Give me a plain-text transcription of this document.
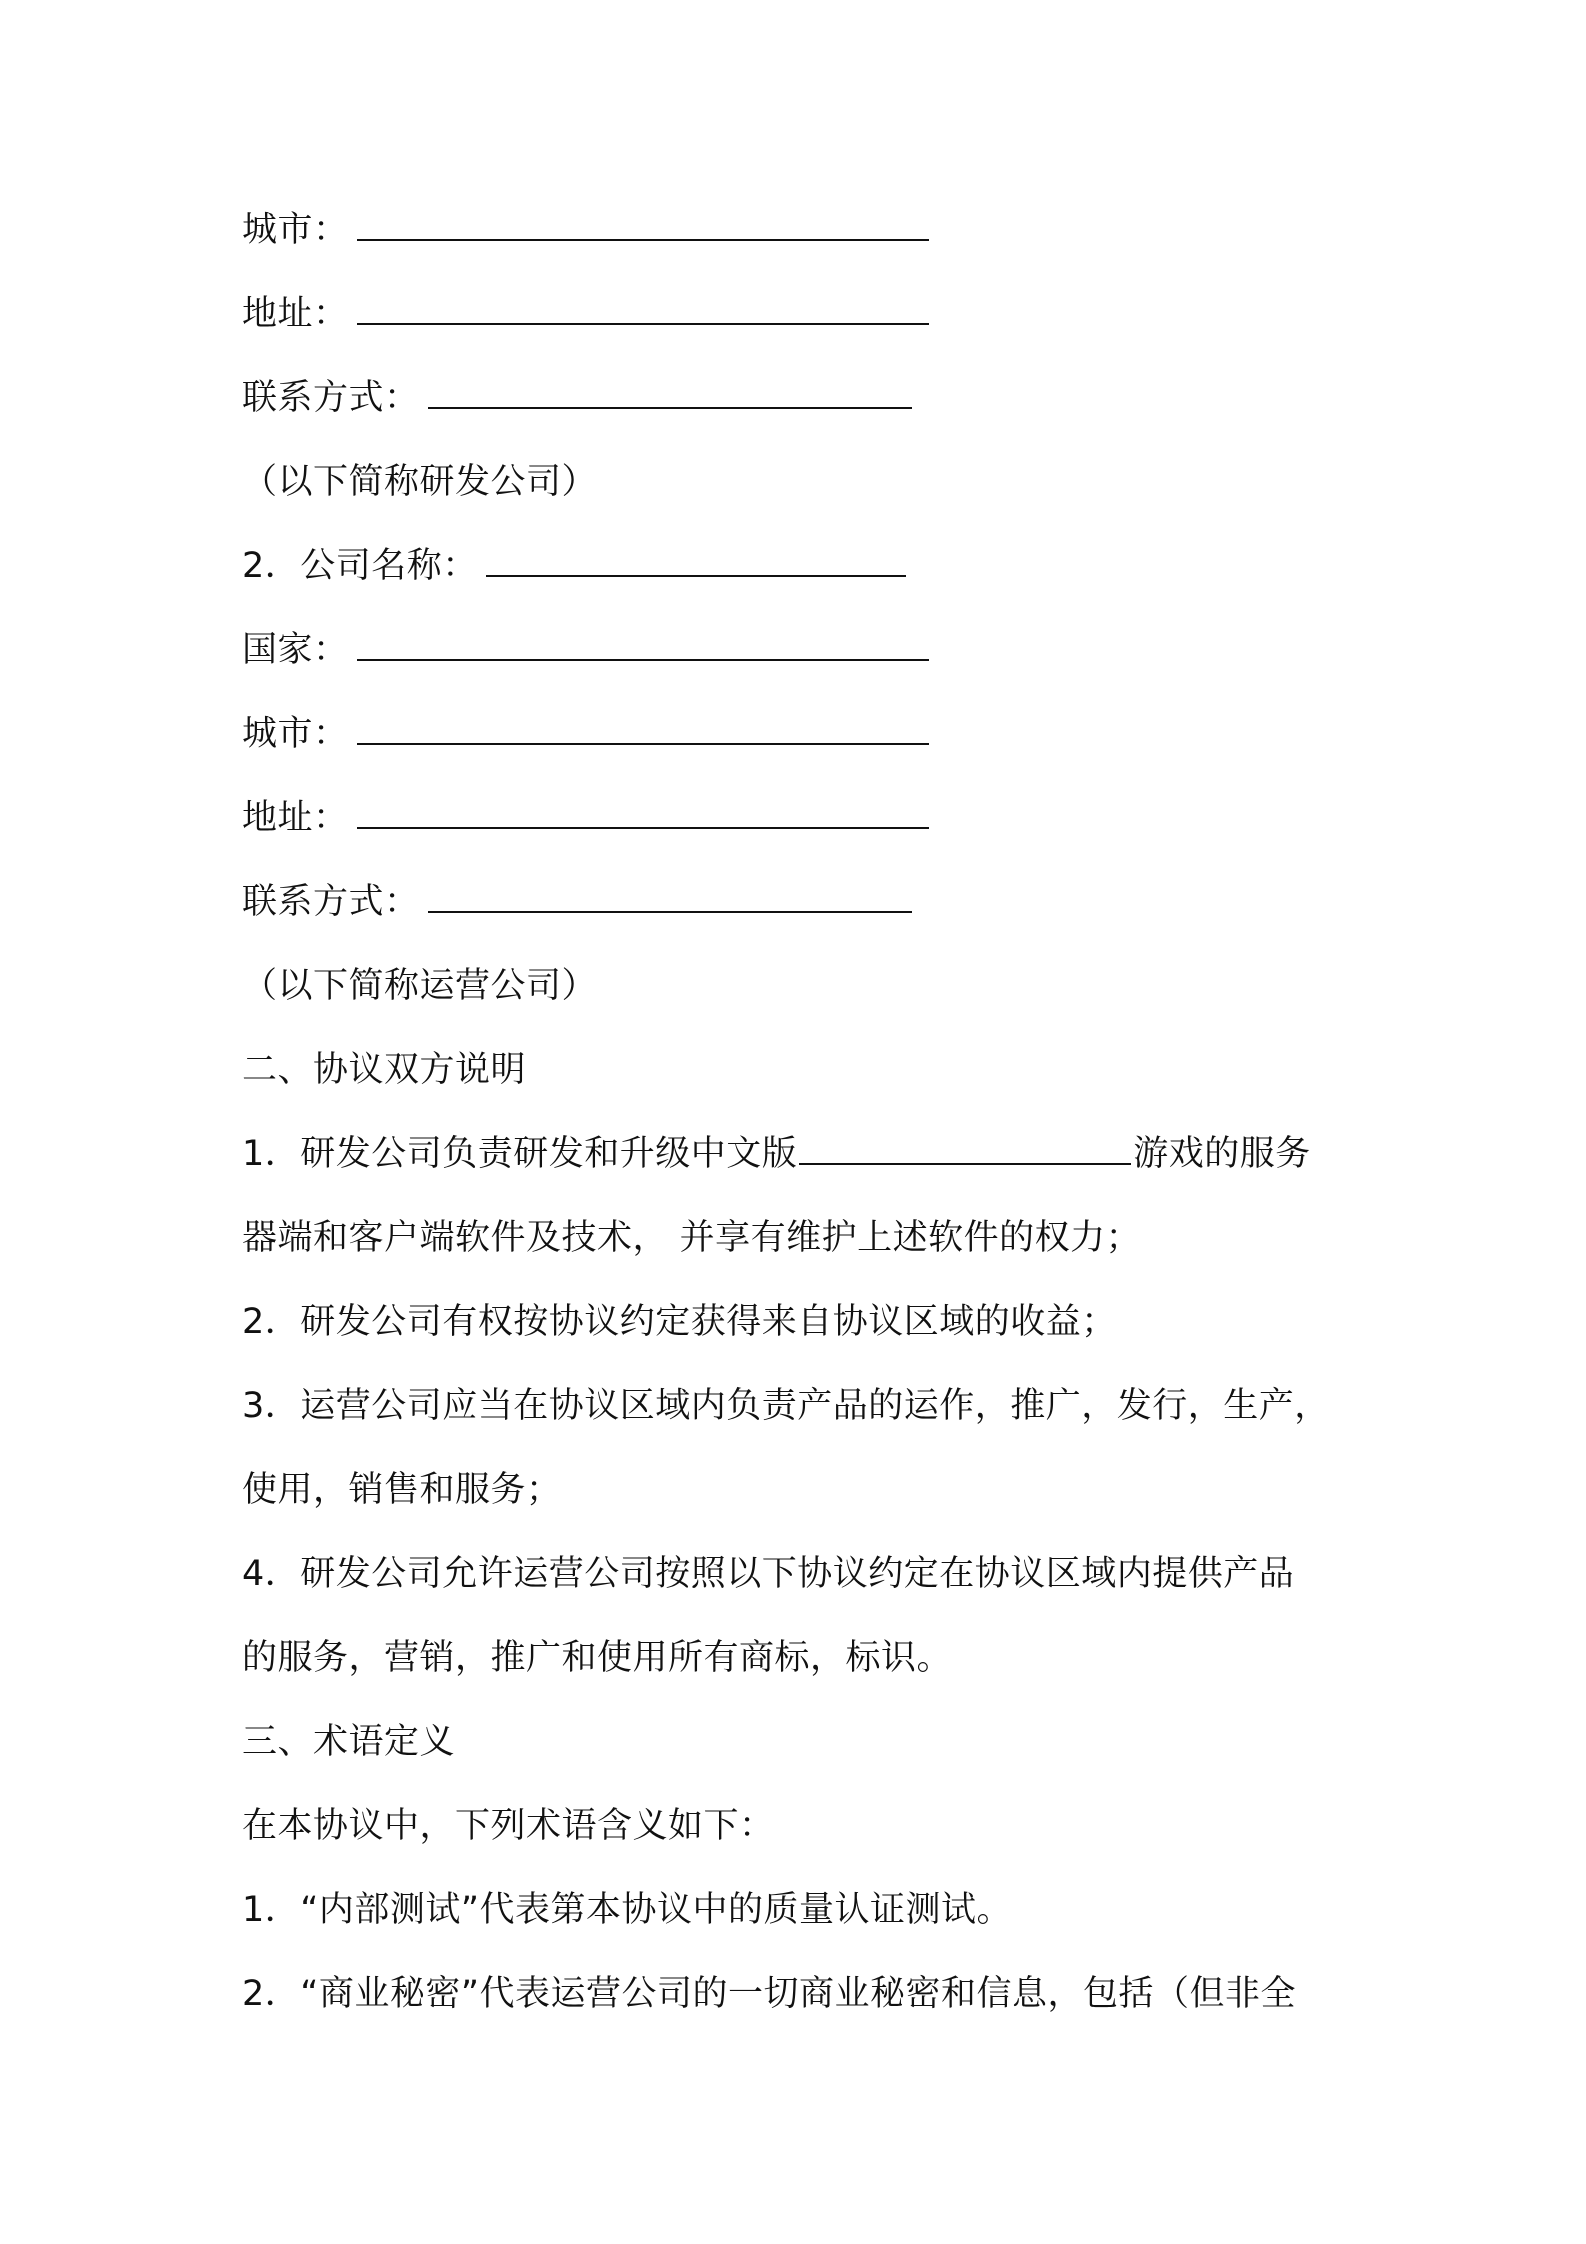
城市：
地址：
联系方式：
（以下简称研发公司）
2．公司名称：
国家：
城市：
地址：
联系方式：
（以下简称运营公司）
二、协议双方说明
1．研发公司负责研发和升级中文版	游戏的服务
器端和客户端软件及技术， 并享有维护上述软件的权力；
2．研发公司有权按协议约定获得来自协议区域的收益；
3．运营公司应当在协议区域内负责产品的运作，推广，发行，生产，
使用，销售和服务；
4．研发公司允许运营公司按照以下协议约定在协议区域内提供产品
的服务，营销，推广和使用所有商标，标识。
三、术语定义
在本协议中，下列术语含义如下：
1．“内部测试”代表第本协议中的质量认证测试。
2．“商业秘密”代表运营公司的一切商业秘密和信息，包括（但非全
